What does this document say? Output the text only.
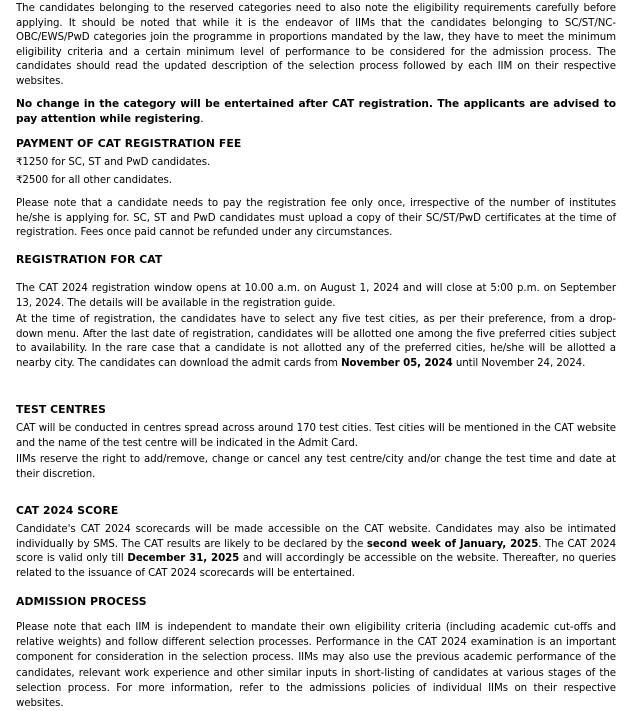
The candidates belonging to the reserved categories need to also note the eligibility requirements carefully before applying. It should be noted that while it is the endeavor of IIMs that the candidates belonging to SC/ST/NC-OBC/EWS/PwD categories join the programme in proportions mandated by the law, they have to meet the minimum eligibility criteria and a certain minimum level of performance to be considered for the admission process. The candidates should read the updated description of the selection process followed by each IIM on their respective websites.

No change in the category will be entertained after CAT registration. The applicants are advised to pay attention while registering.

PAYMENT OF CAT REGISTRATION FEE

₹1250 for SC, ST and PwD candidates.

₹2500 for all other candidates.

Please note that a candidate needs to pay the registration fee only once, irrespective of the number of institutes he/she is applying for. SC, ST and PwD candidates must upload a copy of their SC/ST/PwD certificates at the time of registration. Fees once paid cannot be refunded under any circumstances.

REGISTRATION FOR CAT

The CAT 2024 registration window opens at 10.00 a.m. on August 1, 2024 and will close at 5:00 p.m. on September 13, 2024. The details will be available in the registration guide.

At the time of registration, the candidates have to select any five test cities, as per their preference, from a drop-down menu. After the last date of registration, candidates will be allotted one among the five preferred cities subject to availability. In the rare case that a candidate is not allotted any of the preferred cities, he/she will be allotted a nearby city. The candidates can download the admit cards from November 05, 2024 until November 24, 2024.

TEST CENTRES

CAT will be conducted in centres spread across around 170 test cities. Test cities will be mentioned in the CAT website and the name of the test centre will be indicated in the Admit Card.

IIMs reserve the right to add/remove, change or cancel any test centre/city and/or change the test time and date at their discretion.

CAT 2024 SCORE

Candidate's CAT 2024 scorecards will be made accessible on the CAT website. Candidates may also be intimated individually by SMS. The CAT results are likely to be declared by the second week of January, 2025. The CAT 2024 score is valid only till December 31, 2025 and will accordingly be accessible on the website. Thereafter, no queries related to the issuance of CAT 2024 scorecards will be entertained.

ADMISSION PROCESS

Please note that each IIM is independent to mandate their own eligibility criteria (including academic cut-offs and relative weights) and follow different selection processes. Performance in the CAT 2024 examination is an important component for consideration in the selection process. IIMs may also use the previous academic performance of the candidates, relevant work experience and other similar inputs in short-listing of candidates at various stages of the selection process. For more information, refer to the admissions policies of individual IIMs on their respective websites.
